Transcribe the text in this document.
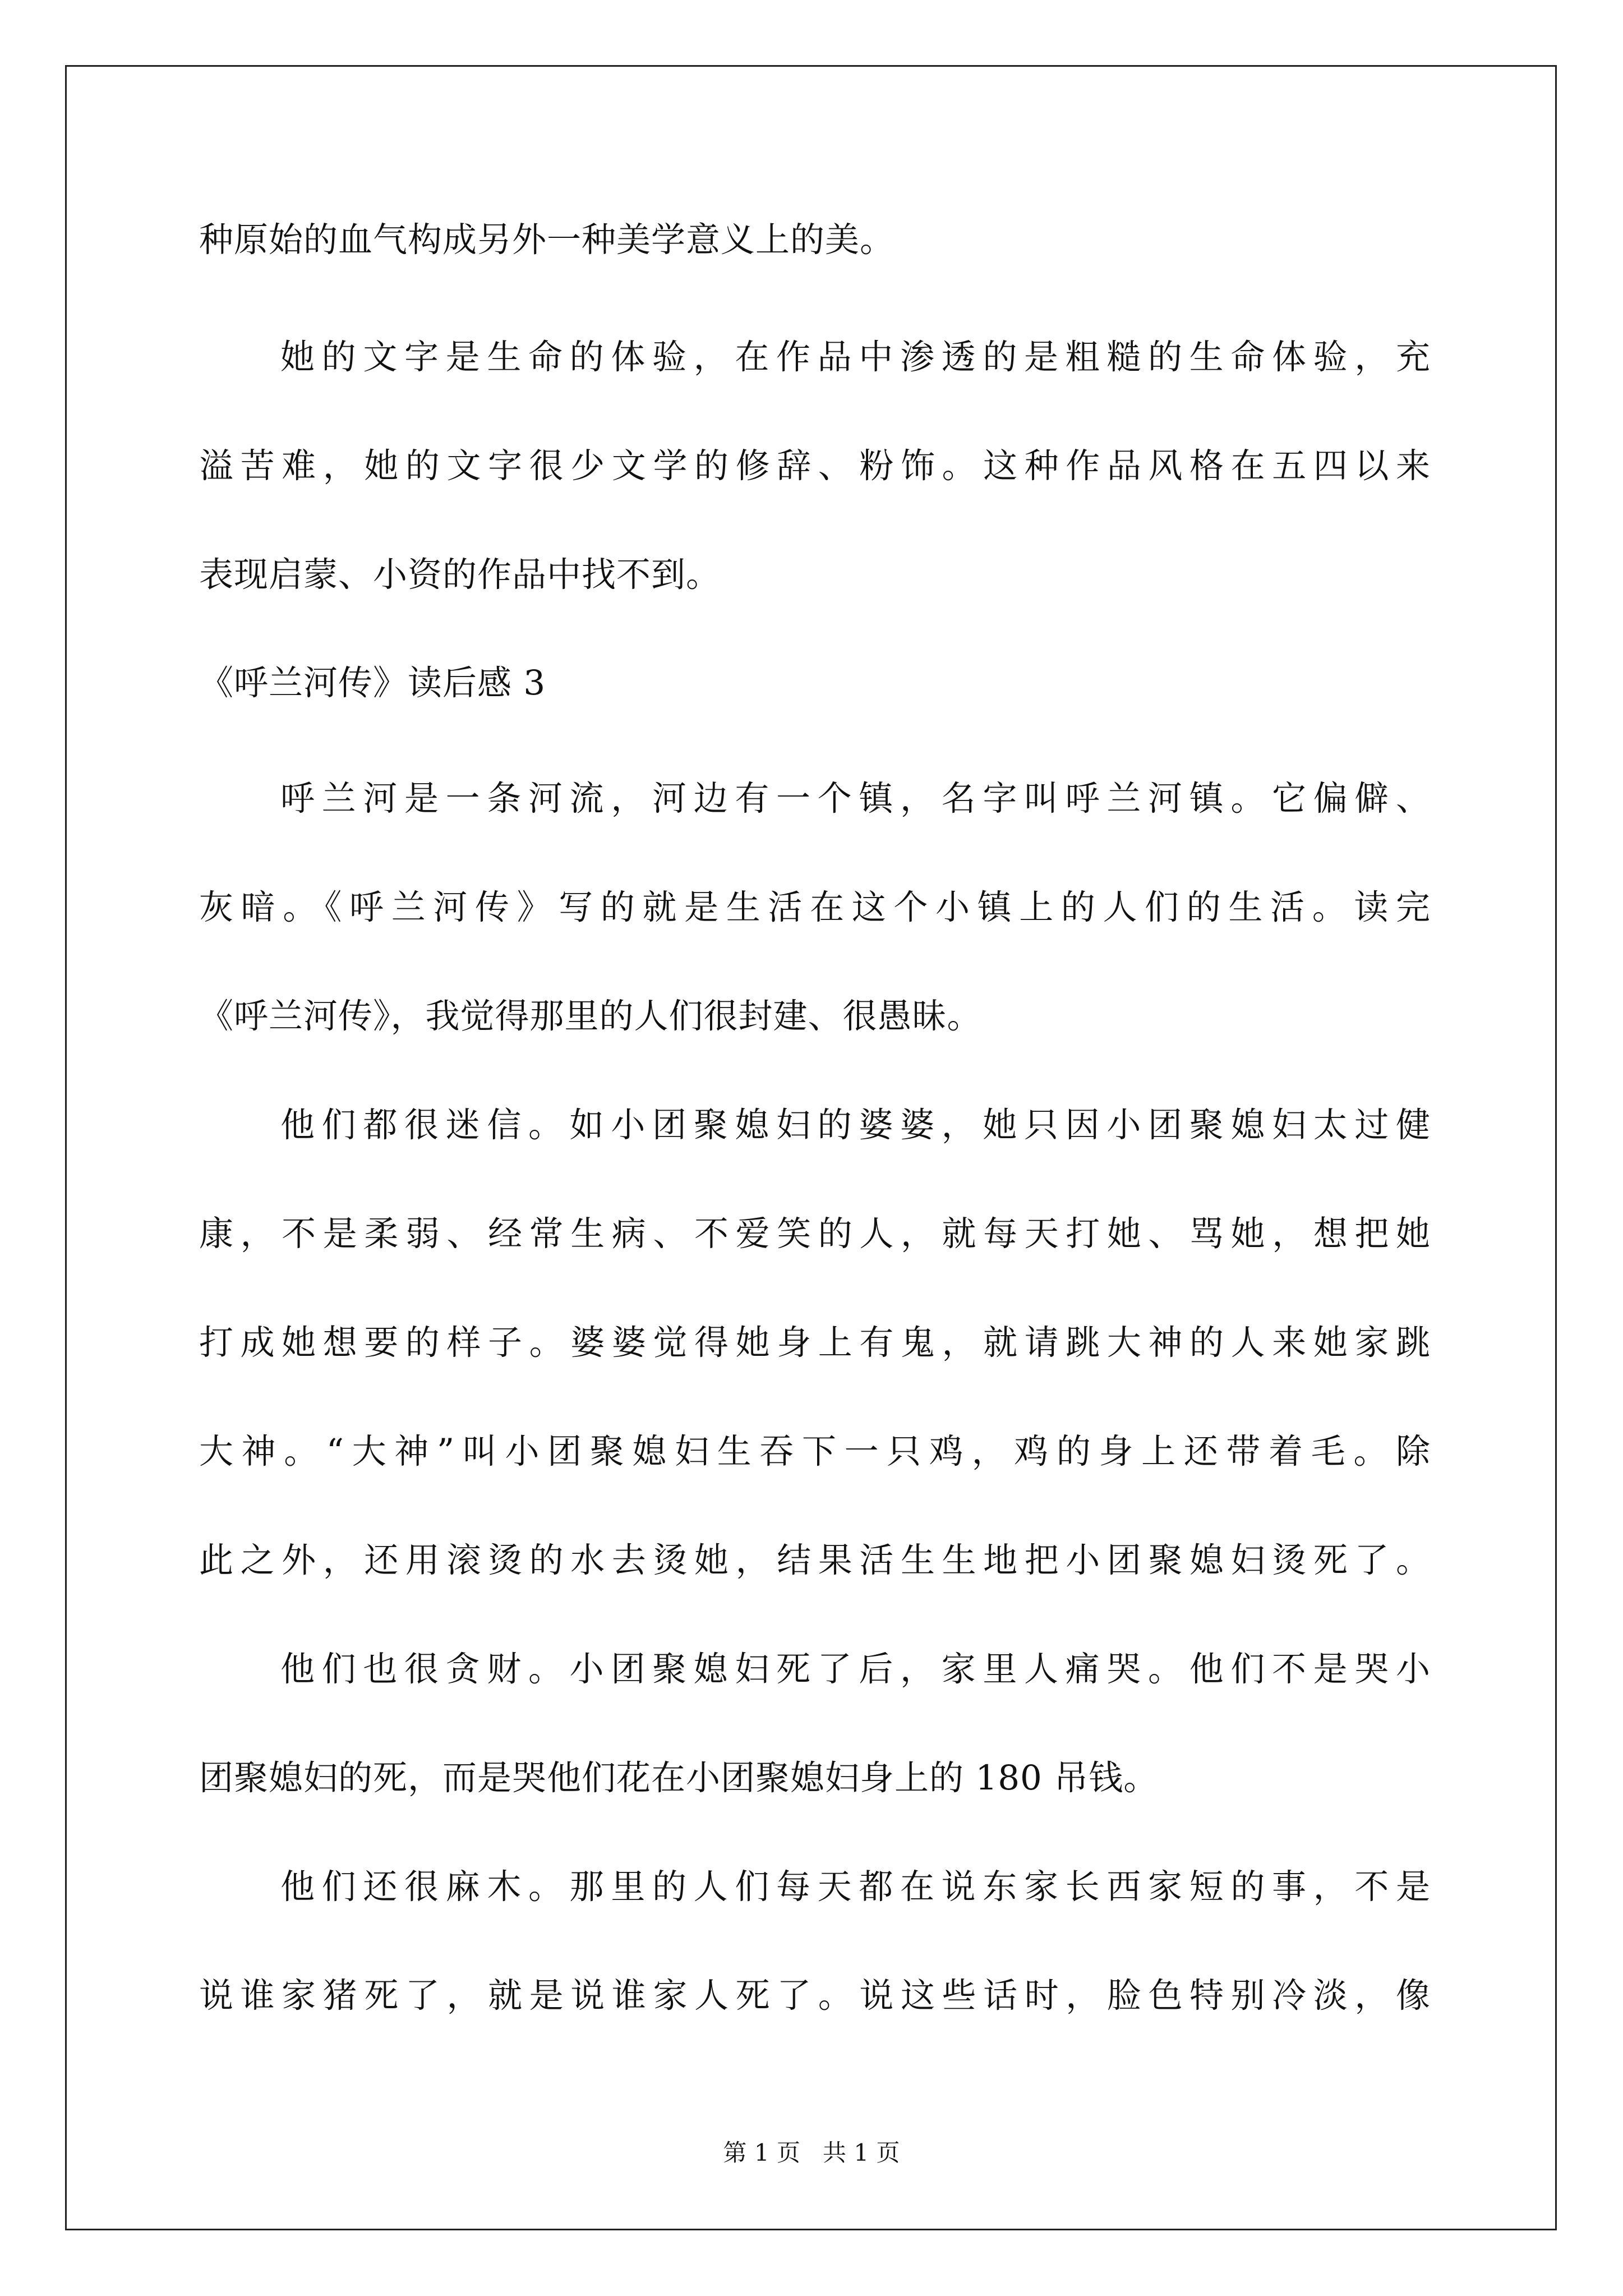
种原始的血气构成另外一种美学意义上的美。
她的文字是生命的体验，在作品中渗透的是粗糙的生命体验，充
溢苦难，她的文字很少文学的修辞、粉饰。这种作品风格在五四以来
表现启蒙、小资的作品中找不到。
《呼兰河传》读后感 3
呼兰河是一条河流，河边有一个镇，名字叫呼兰河镇。它偏僻、
灰暗。《呼兰河传》写的就是生活在这个小镇上的人们的生活。读完
《呼兰河传》，我觉得那里的人们很封建、很愚昧。
他们都很迷信。如小团聚媳妇的婆婆，她只因小团聚媳妇太过健
康，不是柔弱、经常生病、不爱笑的人，就每天打她、骂她，想把她
打成她想要的样子。婆婆觉得她身上有鬼，就请跳大神的人来她家跳
大神。“大神”叫小团聚媳妇生吞下一只鸡，鸡的身上还带着毛。除
此之外，还用滚烫的水去烫她，结果活生生地把小团聚媳妇烫死了。
他们也很贪财。小团聚媳妇死了后，家里人痛哭。他们不是哭小
团聚媳妇的死，而是哭他们花在小团聚媳妇身上的 180 吊钱。
他们还很麻木。那里的人们每天都在说东家长西家短的事，不是
说谁家猪死了，就是说谁家人死了。说这些话时，脸色特别冷淡，像
第 1 页   共 1 页
